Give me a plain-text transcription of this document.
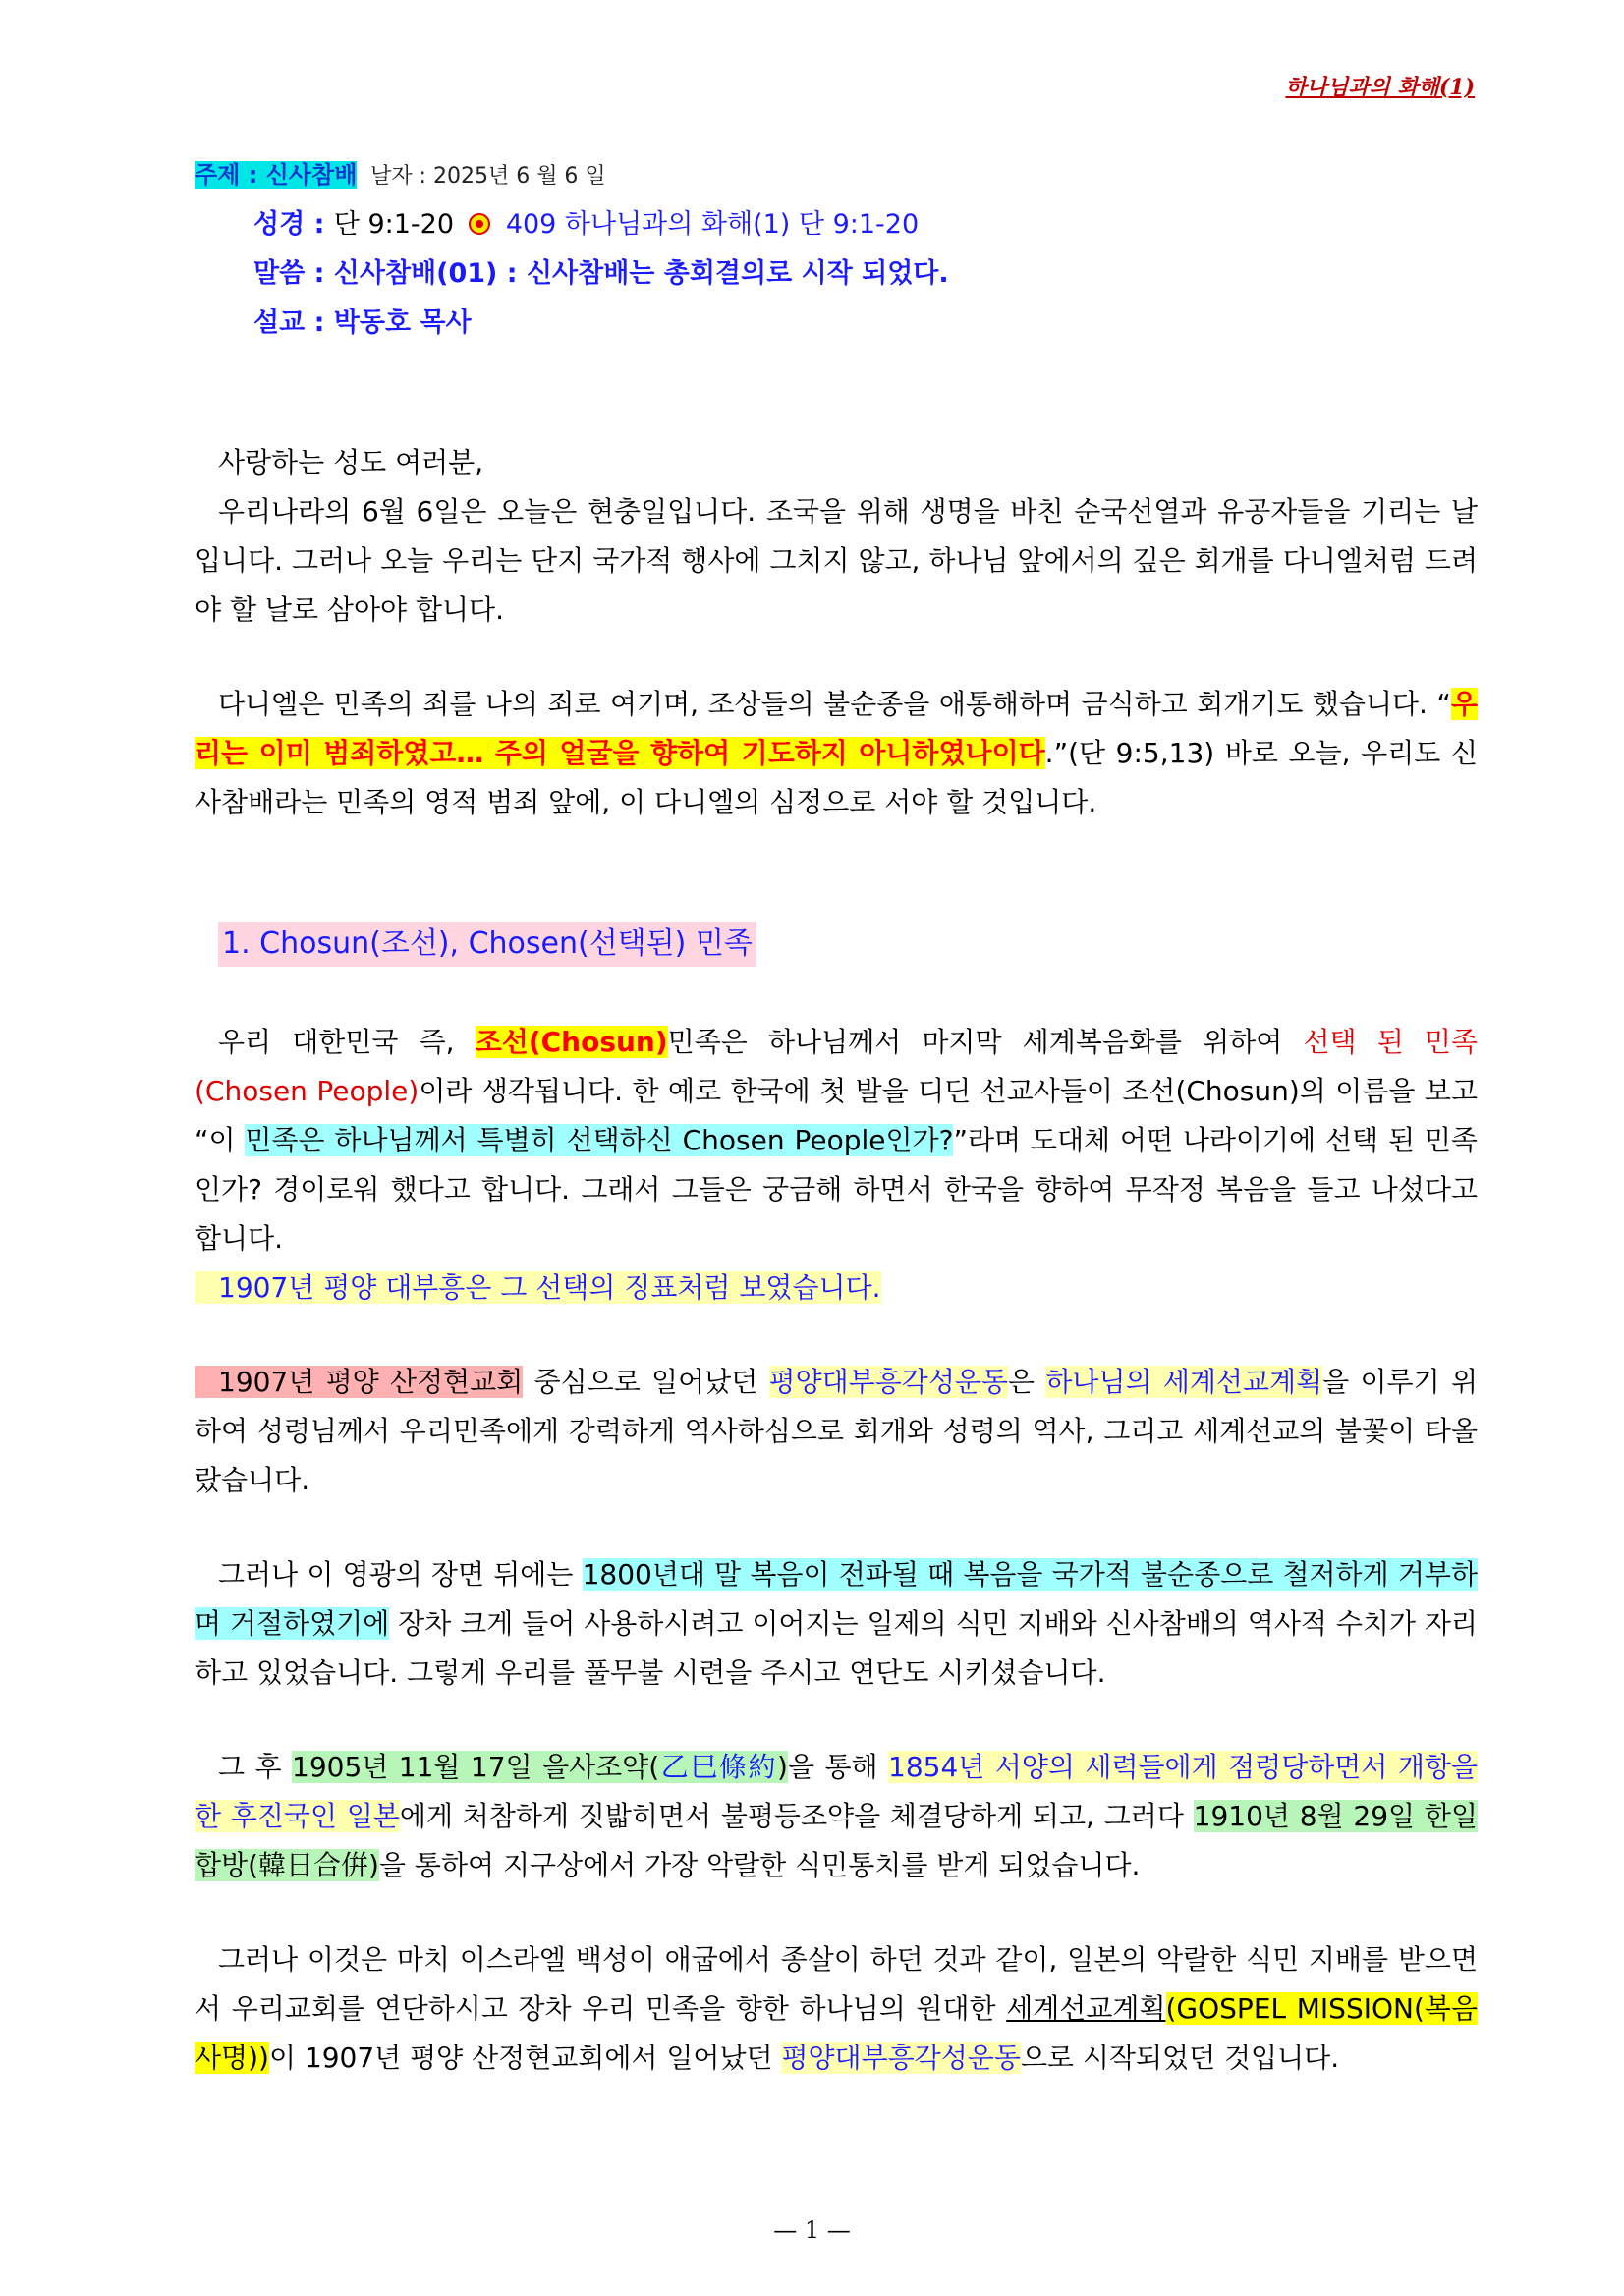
하나님과의 화해(1)
주제 : 신사참배 날자 : 2025년 6 월 6 일
성경 : 단 9:1-20 409 하나님과의 화해(1) 단 9:1-20
말씀 : 신사참배(01) : 신사참배는 총회결의로 시작 되었다.
설교 : 박동호 목사
사랑하는 성도 여러분,
우리나라의 6월 6일은 오늘은 현충일입니다. 조국을 위해 생명을 바친 순국선열과 유공자들을 기리는 날입니다. 그러나 오늘 우리는 단지 국가적 행사에 그치지 않고, 하나님 앞에서의 깊은 회개를 다니엘처럼 드려야 할 날로 삼아야 합니다.
다니엘은 민족의 죄를 나의 죄로 여기며, 조상들의 불순종을 애통해하며 금식하고 회개기도 했습니다. “우리는 이미 범죄하였고… 주의 얼굴을 향하여 기도하지 아니하였나이다.”(단 9:5,13) 바로 오늘, 우리도 신사참배라는 민족의 영적 범죄 앞에, 이 다니엘의 심정으로 서야 할 것입니다.
1. Chosun(조선), Chosen(선택된) 민족
우리 대한민국 즉, 조선(Chosun)민족은 하나님께서 마지막 세계복음화를 위하여 선택 된 민족 (Chosen People)이라 생각됩니다. 한 예로 한국에 첫 발을 디딘 선교사들이 조선(Chosun)의 이름을 보고 “이 민족은 하나님께서 특별히 선택하신 Chosen People인가?”라며 도대체 어떤 나라이기에 선택 된 민족인가? 경이로워 했다고 합니다. 그래서 그들은 궁금해 하면서 한국을 향하여 무작정 복음을 들고 나섰다고 합니다.
1907년 평양 대부흥은 그 선택의 징표처럼 보였습니다.
1907년 평양 산정현교회 중심으로 일어났던 평양대부흥각성운동은 하나님의 세계선교계획을 이루기 위하여 성령님께서 우리민족에게 강력하게 역사하심으로 회개와 성령의 역사, 그리고 세계선교의 불꽃이 타올랐습니다.
그러나 이 영광의 장면 뒤에는 1800년대 말 복음이 전파될 때 복음을 국가적 불순종으로 철저하게 거부하며 거절하였기에 장차 크게 들어 사용하시려고 이어지는 일제의 식민 지배와 신사참배의 역사적 수치가 자리하고 있었습니다. 그렇게 우리를 풀무불 시련을 주시고 연단도 시키셨습니다.
그 후 1905년 11월 17일 을사조약(乙巳條約)을 통해 1854년 서양의 세력들에게 점령당하면서 개항을 한 후진국인 일본에게 처참하게 짓밟히면서 불평등조약을 체결당하게 되고, 그러다 1910년 8월 29일 한일합방(韓日合倂)을 통하여 지구상에서 가장 악랄한 식민통치를 받게 되었습니다.
그러나 이것은 마치 이스라엘 백성이 애굽에서 종살이 하던 것과 같이, 일본의 악랄한 식민 지배를 받으면서 우리교회를 연단하시고 장차 우리 민족을 향한 하나님의 원대한 세계선교계획(GOSPEL MISSION(복음 사명))이 1907년 평양 산정현교회에서 일어났던 평양대부흥각성운동으로 시작되었던 것입니다.
— 1 —
